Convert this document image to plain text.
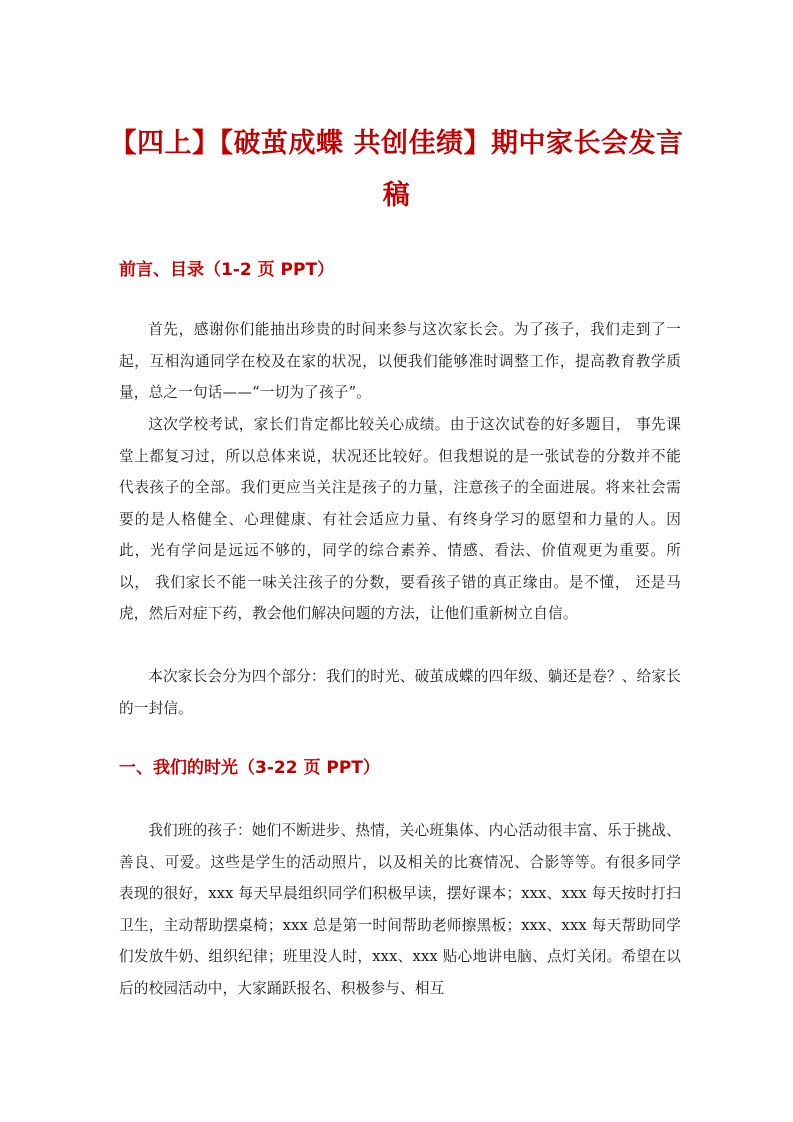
【四上】【破茧成蝶 共创佳绩】期中家长会发言稿
前言、目录（1-2 页 PPT）

首先，感谢你们能抽出珍贵的时间来参与这次家长会。为了孩子，我们走到了一起，互相沟通同学在校及在家的状况，以便我们能够准时调整工作，提高教育教学质量，总之一句话——“一切为了孩子”。

这次学校考试，家长们肯定都比较关心成绩。由于这次试卷的好多题目， 事先课堂上都复习过，所以总体来说，状况还比较好。但我想说的是一张试卷的分数并不能代表孩子的全部。我们更应当关注是孩子的力量，注意孩子的全面进展。将来社会需要的是人格健全、心理健康、有社会适应力量、有终身学习的愿望和力量的人。因此，光有学问是远远不够的，同学的综合素养、情感、看法、价值观更为重要。所以， 我们家长不能一味关注孩子的分数，要看孩子错的真正缘由。是不懂， 还是马虎，然后对症下药，教会他们解决问题的方法，让他们重新树立自信。

本次家长会分为四个部分：我们的时光、破茧成蝶的四年级、躺还是卷？、给家长的一封信。

一、我们的时光（3-22 页 PPT）

我们班的孩子：她们不断进步、热情，关心班集体、内心活动很丰富、乐于挑战、善良、可爱。这些是学生的活动照片，以及相关的比赛情况、合影等等。有很多同学表现的很好，xxx 每天早晨组织同学们积极早读，摆好课本；xxx、xxx 每天按时打扫卫生，主动帮助摆桌椅；xxx 总是第一时间帮助老师擦黑板；xxx、xxx 每天帮助同学们发放牛奶、组织纪律；班里没人时，xxx、xxx 贴心地讲电脑、点灯关闭。希望在以后的校园活动中，大家踊跃报名、积极参与、相互
